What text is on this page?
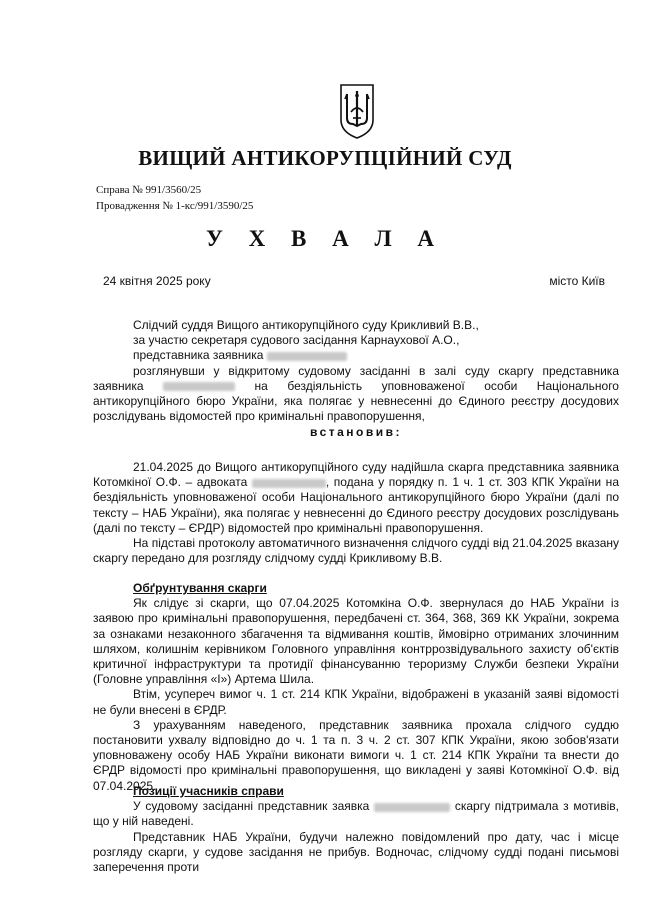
ВИЩИЙ АНТИКОРУПЦІЙНИЙ СУД
Справа № 991/3560/25
Провадження № 1-кс/991/3590/25
У Х В А Л А
24 квітня 2025 року	місто Київ

Слідчий суддя Вищого антикорупційного суду Крикливий В.В.,

за участю секретаря судового засідання Карнаухової А.О.,

представника заявника

розглянувши у відкритому судовому засіданні в залі суду скаргу представника заявника	на бездіяльність уповноваженої особи Національного антикорупційного бюро України, яка полягає у невнесенні до Єдиного реєстру досудових розслідувань відомостей про кримінальні правопорушення,

встановив:

21.04.2025 до Вищого антикорупційного суду надійшла скарга представника заявника Котомкіної О.Ф. – адвоката	, подана у порядку п. 1 ч. 1 ст. 303 КПК України на бездіяльність уповноваженої особи Національного антикорупційного бюро України (далі по тексту – НАБ України), яка полягає у невнесенні до Єдиного реєстру досудових розслідувань (далі по тексту – ЄРДР) відомостей про кримінальні правопорушення.

На підставі протоколу автоматичного визначення слідчого судді від 21.04.2025 вказану скаргу передано для розгляду слідчому судді Крикливому В.В.

Обґрунтування скарги

Як слідує зі скарги, що 07.04.2025 Котомкіна О.Ф. звернулася до НАБ України із заявою про кримінальні правопорушення, передбачені ст. 364, 368, 369 КК України, зокрема за ознаками незаконного збагачення та відмивання коштів, ймовірно отриманих злочинним шляхом, колишнім керівником Головного управління контррозвідувального захисту об'єктів критичної інфраструктури та протидії фінансуванню тероризму Служби безпеки України (Головне управління «І») Артема Шила.

Втім, усупереч вимог ч. 1 ст. 214 КПК України, відображені в указаній заяві відомості не були внесені в ЄРДР.

З урахуванням наведеного, представник заявника прохала слідчого суддю постановити ухвалу відповідно до ч. 1 та п. 3 ч. 2 ст. 307 КПК України, якою зобов'язати уповноважену особу НАБ України виконати вимоги ч. 1 ст. 214 КПК України та внести до ЄРДР відомості про кримінальні правопорушення, що викладені у заяві Котомкіної О.Ф. від 07.04.2025.

Позиції учасників справи

У судовому засіданні представник заявка	скаргу підтримала з мотивів, що у ній наведені.

Представник НАБ України, будучи належно повідомлений про дату, час і місце розгляду скарги, у судове засідання не прибув. Водночас, слідчому судді подані письмові заперечення проти
